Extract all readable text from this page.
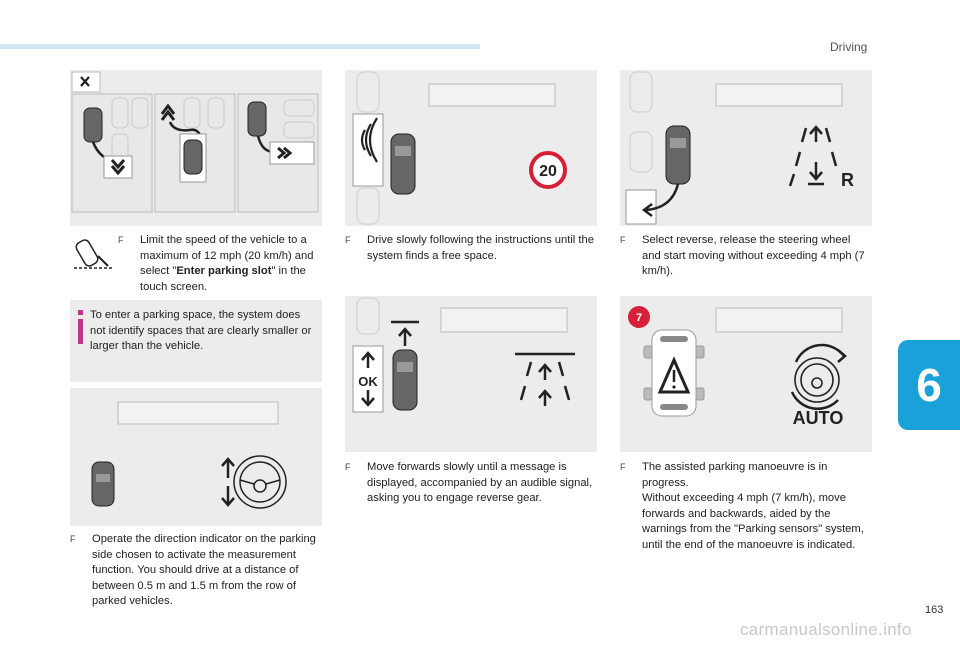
Driving
6
163
carmanualsonline.info
F	Limit the speed of the vehicle to a maximum of 12 mph (20 km/h) and select "Enter parking slot" in the touch screen.
To enter a parking space, the system does not identify spaces that are clearly smaller or larger than the vehicle.
F	Operate the direction indicator on the parking side chosen to activate the measurement function. You should drive at a distance of between 0.5 m and 1.5 m from the row of parked vehicles.
20
F	Drive slowly following the instructions until the system finds a free space.
OK
F	Move forwards slowly until a message is displayed, accompanied by an audible signal, asking you to engage reverse gear.
R
F	Select reverse, release the steering wheel and start moving without exceeding 4 mph (7 km/h).
7
AUTO
F	The assisted parking manoeuvre is in progress.
Without exceeding 4 mph (7 km/h), move forwards and backwards, aided by the warnings from the "Parking sensors" system, until the end of the manoeuvre is indicated.
